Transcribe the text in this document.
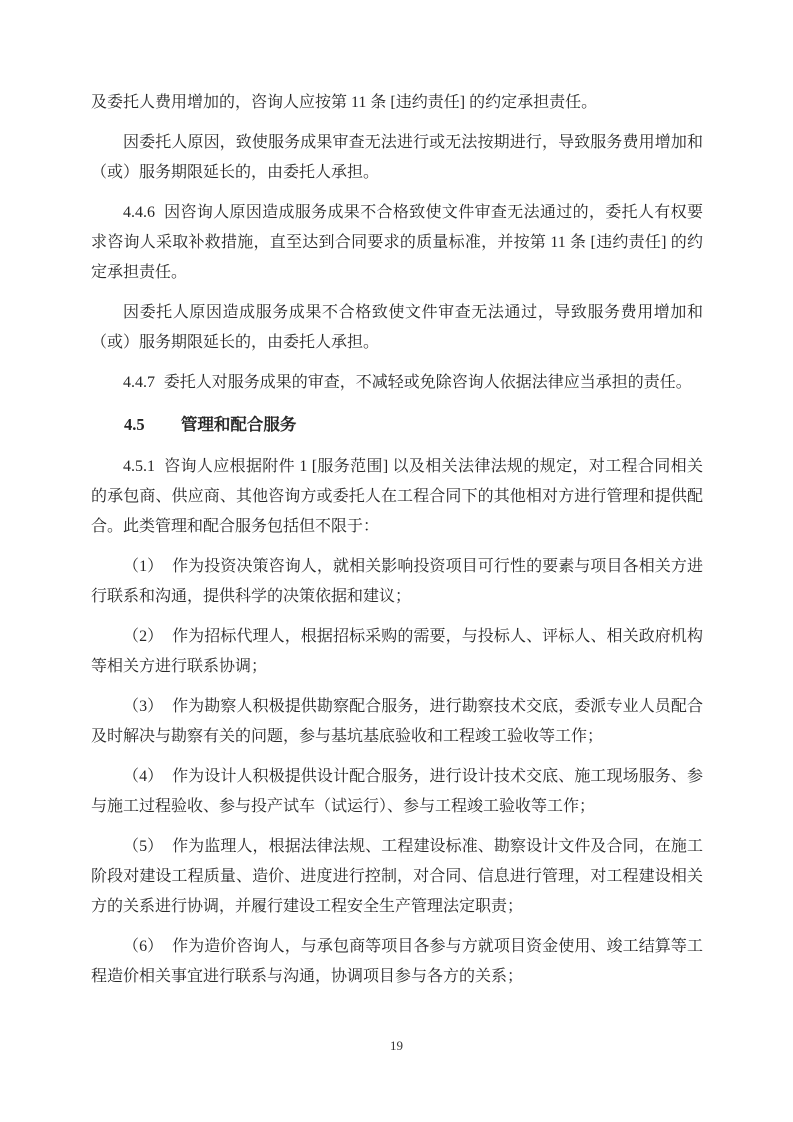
及委托人费用增加的，咨询人应按第 11 条 [违约责任] 的约定承担责任。

因委托人原因，致使服务成果审查无法进行或无法按期进行，导致服务费用增加和（或）服务期限延长的，由委托人承担。

4.4.6 因咨询人原因造成服务成果不合格致使文件审查无法通过的，委托人有权要求咨询人采取补救措施，直至达到合同要求的质量标准，并按第 11 条 [违约责任] 的约定承担责任。

因委托人原因造成服务成果不合格致使文件审查无法通过，导致服务费用增加和（或）服务期限延长的，由委托人承担。

4.4.7 委托人对服务成果的审查，不减轻或免除咨询人依据法律应当承担的责任。

4.5 管理和配合服务

4.5.1 咨询人应根据附件 1 [服务范围] 以及相关法律法规的规定，对工程合同相关的承包商、供应商、其他咨询方或委托人在工程合同下的其他相对方进行管理和提供配合。此类管理和配合服务包括但不限于：

（1） 作为投资决策咨询人，就相关影响投资项目可行性的要素与项目各相关方进行联系和沟通，提供科学的决策依据和建议；

（2） 作为招标代理人，根据招标采购的需要，与投标人、评标人、相关政府机构等相关方进行联系协调；

（3） 作为勘察人积极提供勘察配合服务，进行勘察技术交底，委派专业人员配合及时解决与勘察有关的问题，参与基坑基底验收和工程竣工验收等工作；

（4） 作为设计人积极提供设计配合服务，进行设计技术交底、施工现场服务、参与施工过程验收、参与投产试车（试运行）、参与工程竣工验收等工作；

（5） 作为监理人，根据法律法规、工程建设标准、勘察设计文件及合同，在施工阶段对建设工程质量、造价、进度进行控制，对合同、信息进行管理，对工程建设相关方的关系进行协调，并履行建设工程安全生产管理法定职责；

（6） 作为造价咨询人，与承包商等项目各参与方就项目资金使用、竣工结算等工程造价相关事宜进行联系与沟通，协调项目参与各方的关系；

19
